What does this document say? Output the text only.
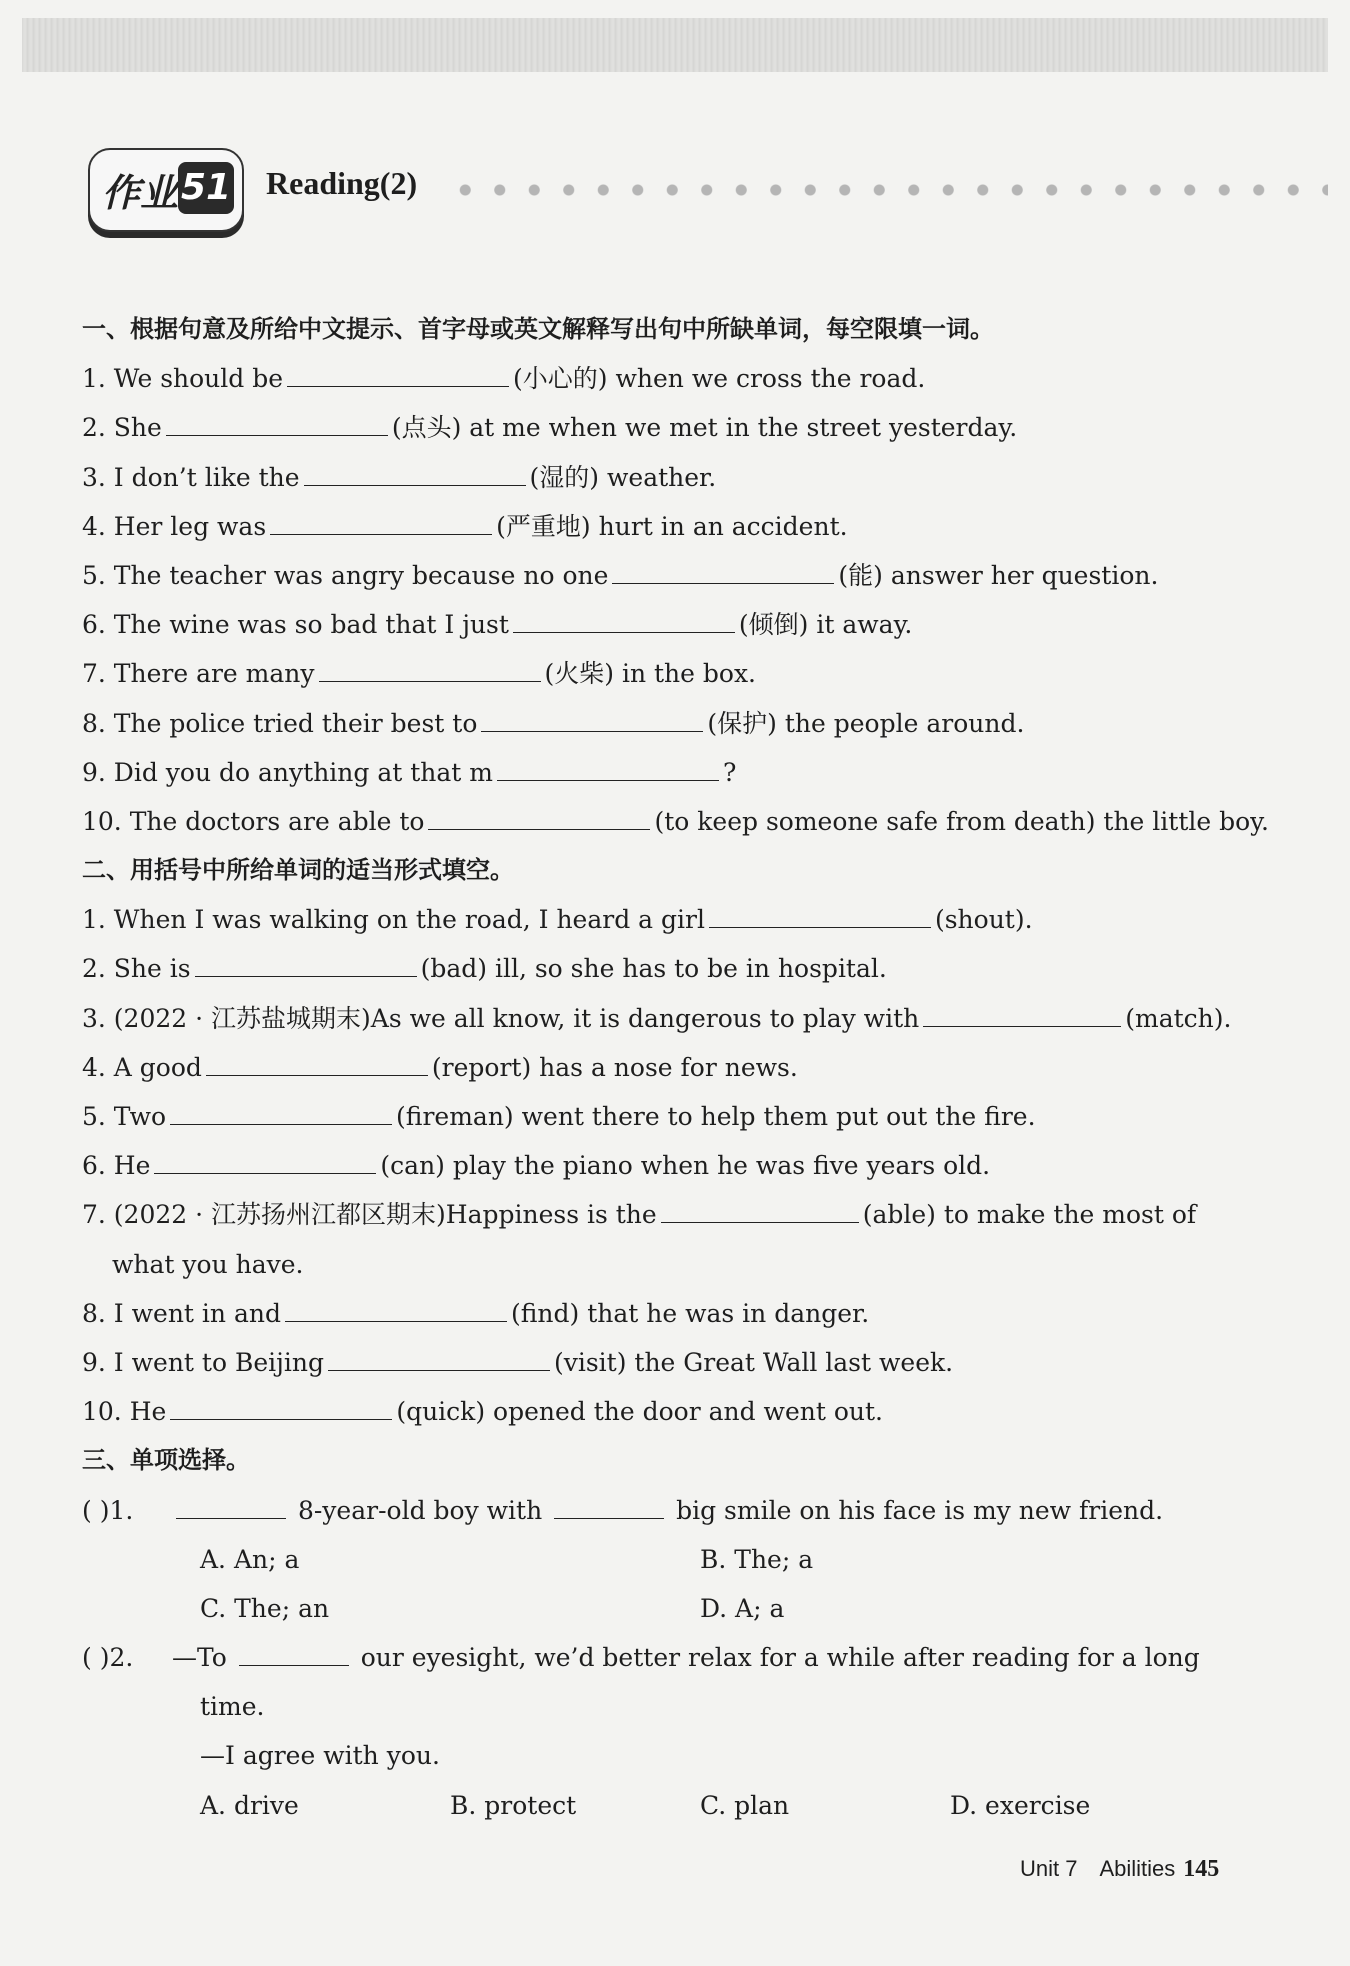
作业 51 Reading(2)
一、根据句意及所给中文提示、首字母或英文解释写出句中所缺单词，每空限填一词。
1. We should be	(小心的) when we cross the road.
2. She	(点头) at me when we met in the street yesterday.
3. I don’t like the	(湿的) weather.
4. Her leg was	(严重地) hurt in an accident.
5. The teacher was angry because no one	(能) answer her question.
6. The wine was so bad that I just	(倾倒) it away.
7. There are many	(火柴) in the box.
8. The police tried their best to	(保护) the people around.
9. Did you do anything at that m	?
10. The doctors are able to	(to keep someone safe from death) the little boy.
二、用括号中所给单词的适当形式填空。
1. When I was walking on the road, I heard a girl	(shout).
2. She is	(bad) ill, so she has to be in hospital.
3. (2022 · 江苏盐城期末)As we all know, it is dangerous to play with	(match).
4. A good	(report) has a nose for news.
5. Two	(fireman) went there to help them put out the fire.
6. He	(can) play the piano when he was five years old.
7. (2022 · 江苏扬州江都区期末)Happiness is the	(able) to make the most of
what you have.
8. I went in and	(find) that he was in danger.
9. I went to Beijing	(visit) the Great Wall last week.
10. He	(quick) opened the door and went out.
三、单项选择。
( )1.	8-year-old boy with	big smile on his face is my new friend.
A. An; a	B. The; a
C. The; an	D. A; a
( )2. —To	our eyesight, we’d better relax for a while after reading for a long
time.
—I agree with you.
A. drive	B. protect	C. plan	D. exercise
Unit 7 Abilities 145
